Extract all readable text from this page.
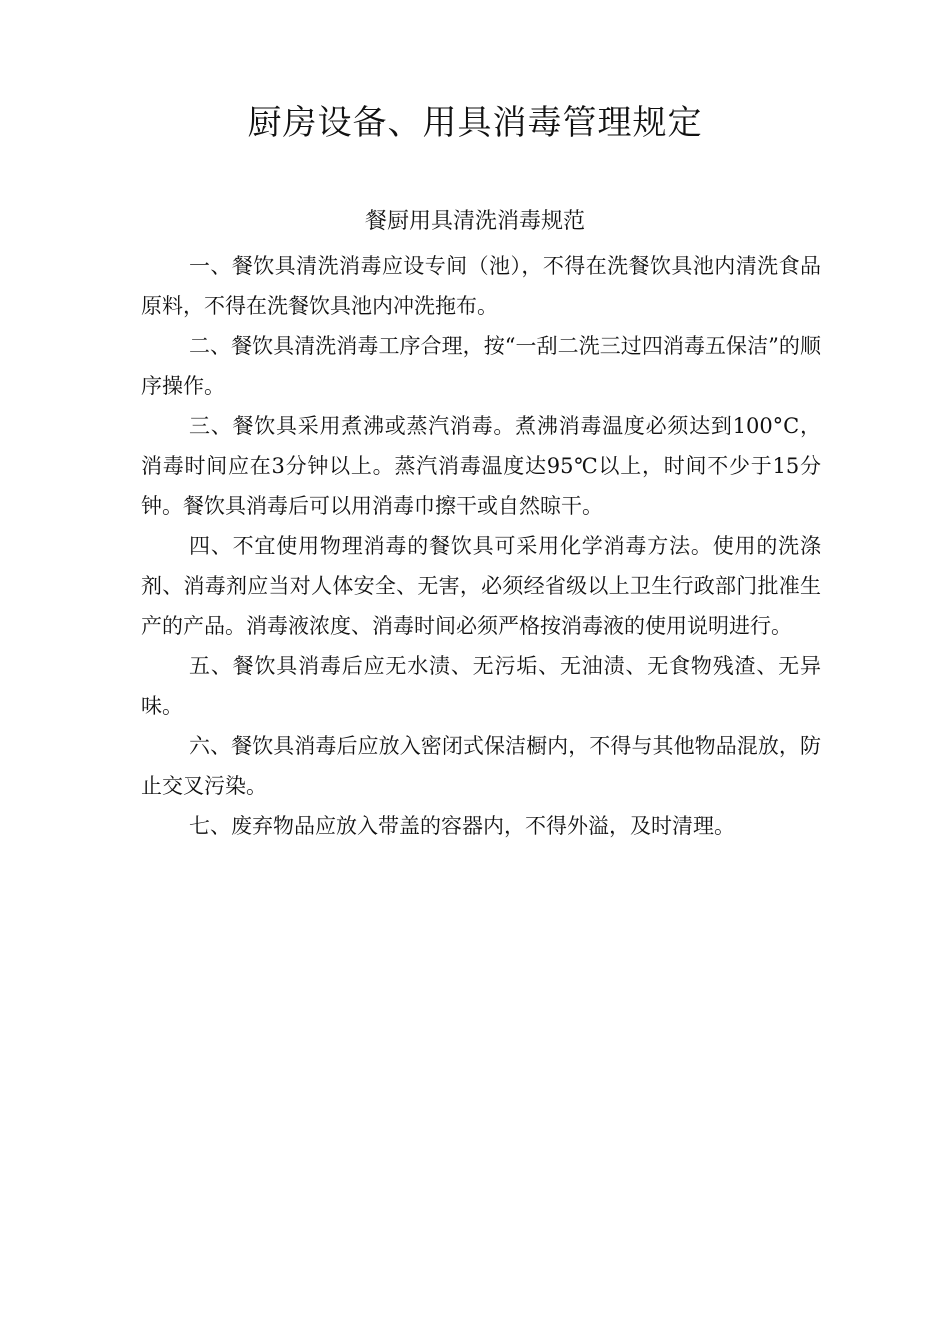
厨房设备、用具消毒管理规定
餐厨用具清洗消毒规范

一、餐饮具清洗消毒应设专间（池），不得在洗餐饮具池内清洗食品原料，不得在洗餐饮具池内冲洗拖布。

二、餐饮具清洗消毒工序合理，按“一刮二洗三过四消毒五保洁”的顺序操作。

三、餐饮具采用煮沸或蒸汽消毒。煮沸消毒温度必须达到100°C，消毒时间应在3分钟以上。蒸汽消毒温度达95℃以上，时间不少于15分钟。餐饮具消毒后可以用消毒巾擦干或自然晾干。

四、不宜使用物理消毒的餐饮具可采用化学消毒方法。使用的洗涤剂、消毒剂应当对人体安全、无害，必须经省级以上卫生行政部门批准生产的产品。消毒液浓度、消毒时间必须严格按消毒液的使用说明进行。

五、餐饮具消毒后应无水渍、无污垢、无油渍、无食物残渣、无异味。

六、餐饮具消毒后应放入密闭式保洁橱内，不得与其他物品混放，防止交叉污染。

七、废弃物品应放入带盖的容器内，不得外溢，及时清理。
